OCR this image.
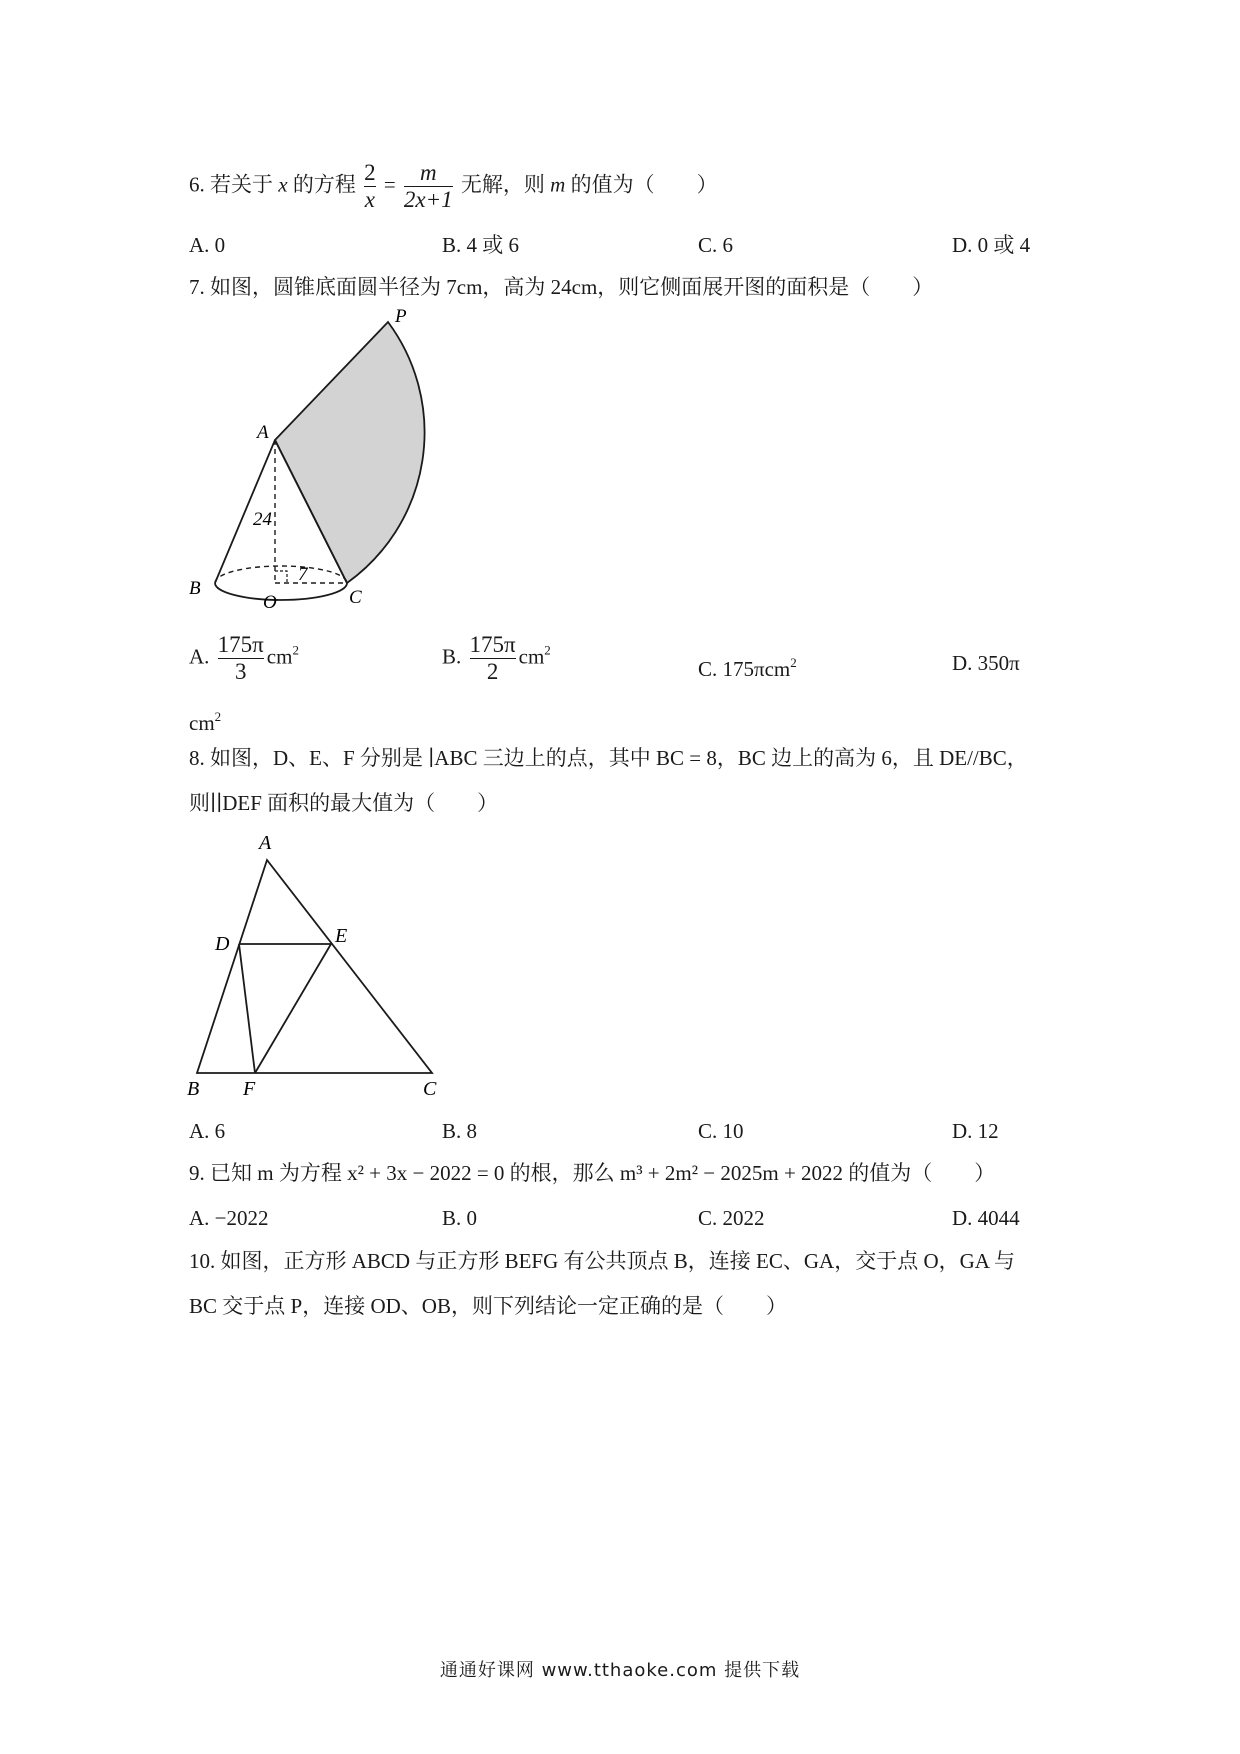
6. 若关于 x 的方程 $\frac{2}{x} = \frac{m}{2x+1}$ 无解，则 m 的值为（　　）
A. 0	B. 4 或 6	C. 6	D. 0 或 4
7. 如图，圆锥底面圆半径为 7cm，高为 24cm，则它侧面展开图的面积是（　　）
P
A
B
O	C
24
7
A. $\frac{175\pi}{3} cm^2$	B. $\frac{175\pi}{2} cm^2$
C. 175πcm$^2$	D. 350π
$cm^2$
8. 如图，D、E、F 分别是 ∣ABC 三边上的点，其中 BC = 8，BC 边上的高为 6，且 DE//BC，
则∣∣DEF 面积的最大值为（　　）
A
D	E
B F	C
A. 6	B. 8	C. 10	D. 12
9. 已知 m 为方程 x² + 3x − 2022 = 0 的根，那么 m³ + 2m² − 2025m + 2022 的值为（　　）
A. −2022	B. 0	C. 2022	D. 4044
10. 如图，正方形 ABCD 与正方形 BEFG 有公共顶点 B，连接 EC、GA，交于点 O，GA 与
BC 交于点 P，连接 OD、OB，则下列结论一定正确的是（　　）
通通好课网 www.tthaoke.com 提供下载
